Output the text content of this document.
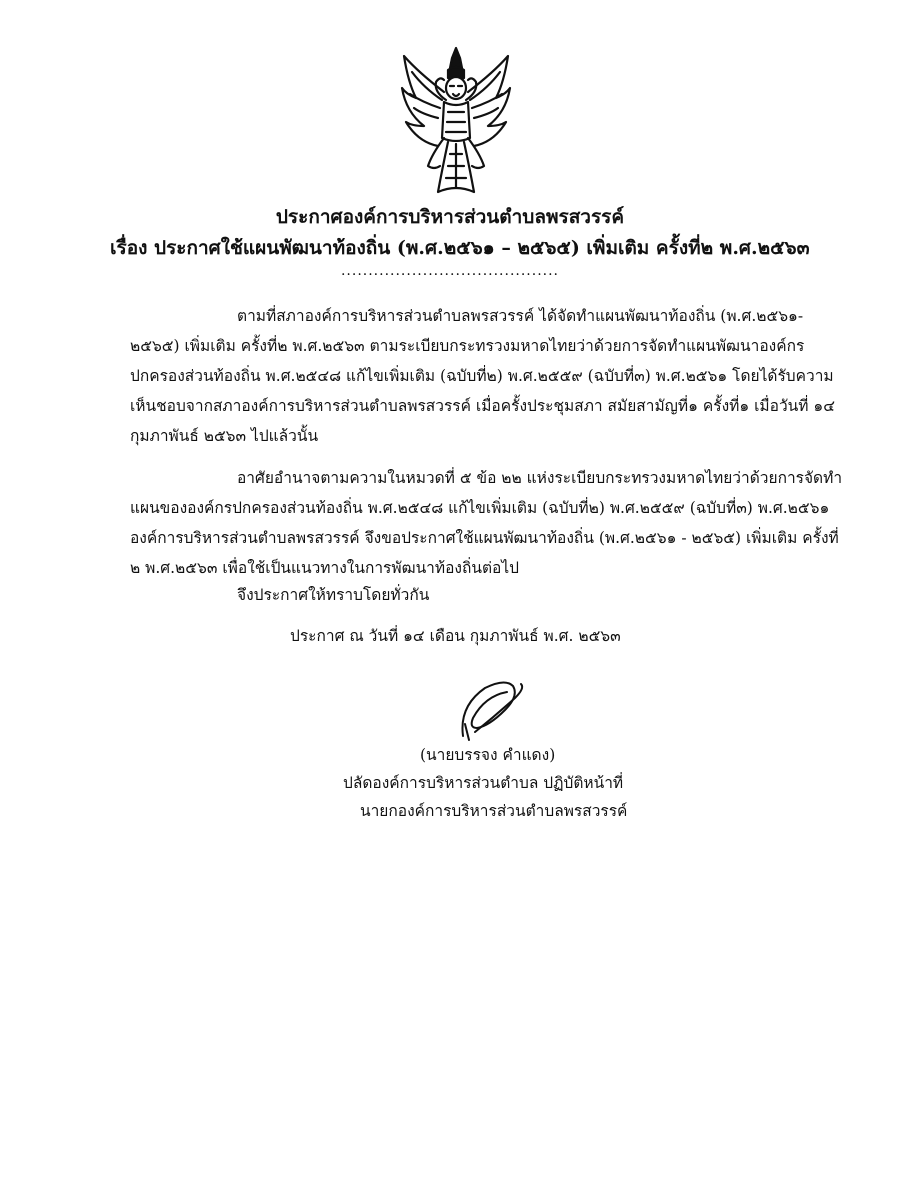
ประกาศองค์การบริหารส่วนตำบลพรสวรรค์
เรื่อง ประกาศใช้แผนพัฒนาท้องถิ่น (พ.ศ.๒๕๖๑ – ๒๕๖๕) เพิ่มเติม ครั้งที่๒ พ.ศ.๒๕๖๓
........................................
ตามที่สภาองค์การบริหารส่วนตำบลพรสวรรค์ ได้จัดทำแผนพัฒนาท้องถิ่น (พ.ศ.๒๕๖๑-
๒๕๖๕) เพิ่มเติม ครั้งที่๒ พ.ศ.๒๕๖๓ ตามระเบียบกระทรวงมหาดไทยว่าด้วยการจัดทำแผนพัฒนาองค์กร
ปกครองส่วนท้องถิ่น พ.ศ.๒๕๔๘ แก้ไขเพิ่มเติม (ฉบับที่๒) พ.ศ.๒๕๕๙ (ฉบับที่๓) พ.ศ.๒๕๖๑ โดยได้รับความ
เห็นชอบจากสภาองค์การบริหารส่วนตำบลพรสวรรค์ เมื่อครั้งประชุมสภา สมัยสามัญที่๑ ครั้งที่๑ เมื่อวันที่ ๑๔
กุมภาพันธ์ ๒๕๖๓ ไปแล้วนั้น
อาศัยอำนาจตามความในหมวดที่ ๕ ข้อ ๒๒ แห่งระเบียบกระทรวงมหาดไทยว่าด้วยการจัดทำ
แผนขององค์กรปกครองส่วนท้องถิ่น พ.ศ.๒๕๔๘ แก้ไขเพิ่มเติม (ฉบับที่๒) พ.ศ.๒๕๕๙ (ฉบับที่๓) พ.ศ.๒๕๖๑
องค์การบริหารส่วนตำบลพรสวรรค์ จึงขอประกาศใช้แผนพัฒนาท้องถิ่น (พ.ศ.๒๕๖๑ - ๒๕๖๕) เพิ่มเติม ครั้งที่
๒ พ.ศ.๒๕๖๓ เพื่อใช้เป็นแนวทางในการพัฒนาท้องถิ่นต่อไป
จึงประกาศให้ทราบโดยทั่วกัน
ประกาศ ณ วันที่ ๑๔ เดือน กุมภาพันธ์ พ.ศ. ๒๕๖๓
(นายบรรจง คำแดง)
ปลัดองค์การบริหารส่วนตำบล ปฏิบัติหน้าที่
นายกองค์การบริหารส่วนตำบลพรสวรรค์
